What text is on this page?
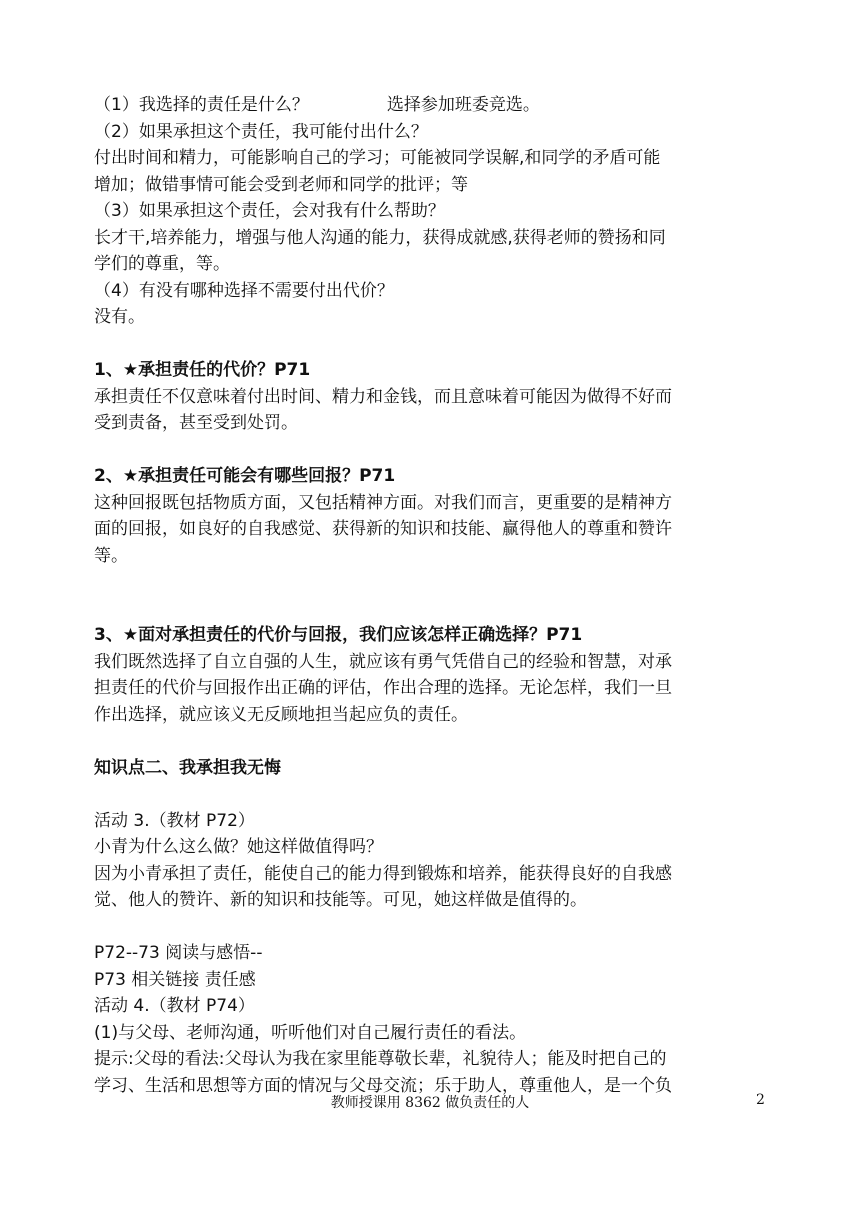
（1）我选择的责任是什么？	选择参加班委竞选。

（2）如果承担这个责任，我可能付出什么？

付出时间和精力，可能影响自己的学习；可能被同学误解,和同学的矛盾可能

增加；做错事情可能会受到老师和同学的批评；等

（3）如果承担这个责任，会对我有什么帮助？

长才干,培养能力，增强与他人沟通的能力，获得成就感,获得老师的赞扬和同

学们的尊重，等。

（4）有没有哪种选择不需要付出代价？

没有。

1、★承担责任的代价？P71

承担责任不仅意味着付出时间、精力和金钱，而且意味着可能因为做得不好而

受到责备，甚至受到处罚。

2、★承担责任可能会有哪些回报？P71

这种回报既包括物质方面，又包括精神方面。对我们而言，更重要的是精神方

面的回报，如良好的自我感觉、获得新的知识和技能、赢得他人的尊重和赞许

等。

3、★面对承担责任的代价与回报，我们应该怎样正确选择？P71

我们既然选择了自立自强的人生，就应该有勇气凭借自己的经验和智慧，对承

担责任的代价与回报作出正确的评估，作出合理的选择。无论怎样，我们一旦

作出选择，就应该义无反顾地担当起应负的责任。

知识点二、我承担我无悔

活动 3.（教材 P72）

小青为什么这么做？她这样做值得吗？

因为小青承担了责任，能使自己的能力得到锻炼和培养，能获得良好的自我感

觉、他人的赞许、新的知识和技能等。可见，她这样做是值得的。

P72--73 阅读与感悟--

P73 相关链接 责任感

活动 4.（教材 P74）

(1)与父母、老师沟通，听听他们对自己履行责任的看法。

提示:父母的看法:父母认为我在家里能尊敬长辈，礼貌待人；能及时把自己的

学习、生活和思想等方面的情况与父母交流；乐于助人，尊重他人，是一个负

教师授课用 8362 做负责任的人	2
